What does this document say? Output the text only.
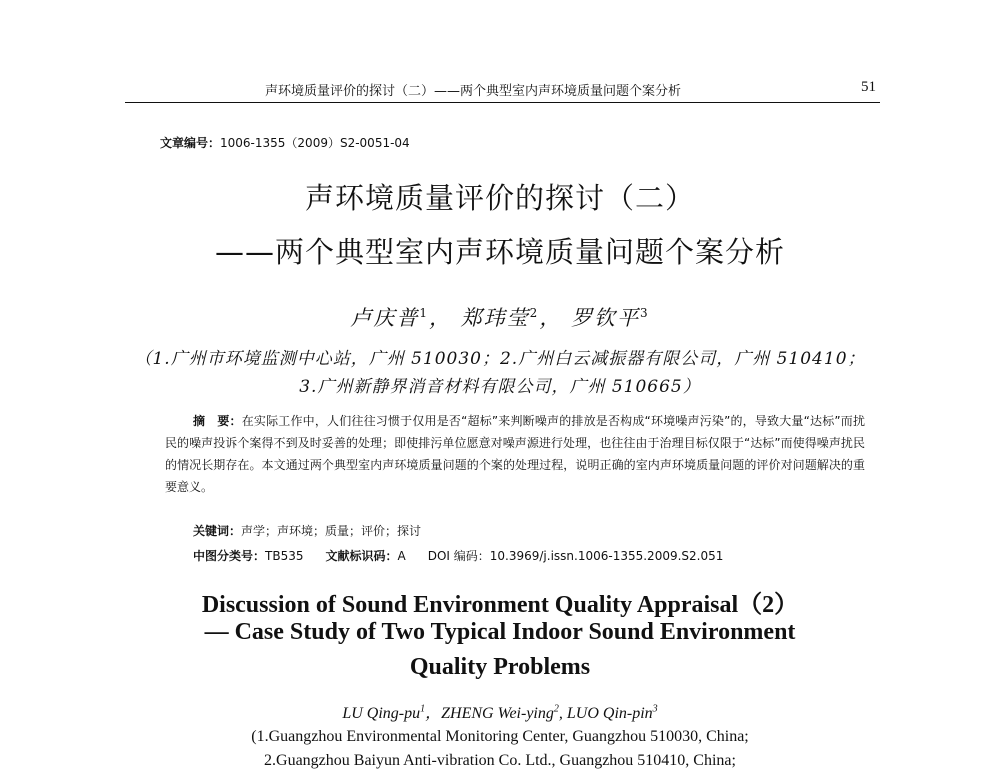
声环境质量评价的探讨（二）——两个典型室内声环境质量问题个案分析	51
文章编号：1006-1355（2009）S2-0051-04
声环境质量评价的探讨（二）
——两个典型室内声环境质量问题个案分析
卢庆普$^1$， 郑玮莹$^2$， 罗钦平$^3$
（1.广州市环境监测中心站，广州 510030；2.广州白云减振器有限公司，广州 510410；
3.广州新静界消音材料有限公司，广州 510665）
摘　要：在实际工作中，人们往往习惯于仅用是否“超标”来判断噪声的排放是否构成“环境噪声污染”的，导致大量“达标”而扰民的噪声投诉个案得不到及时妥善的处理；即使排污单位愿意对噪声源进行处理，也往往由于治理目标仅限于“达标”而使得噪声扰民的情况长期存在。本文通过两个典型室内声环境质量问题的个案的处理过程，说明正确的室内声环境质量问题的评价对问题解决的重要意义。
关键词：声学；声环境；质量；评价；探讨
中图分类号：TB535 文献标识码：A DOI 编码：10.3969/j.issn.1006-1355.2009.S2.051
Discussion of Sound Environment Quality Appraisal（2）
— Case Study of Two Typical Indoor Sound Environment
Quality Problems
LU Qing-$pu^1$，ZHENG Wei-ying$^2$, LUO Qin-pin$^3$
(1.Guangzhou Environmental Monitoring Center, Guangzhou 510030, China;
2.Guangzhou Baiyun Anti-vibration Co. Ltd., Guangzhou 510410, China;
